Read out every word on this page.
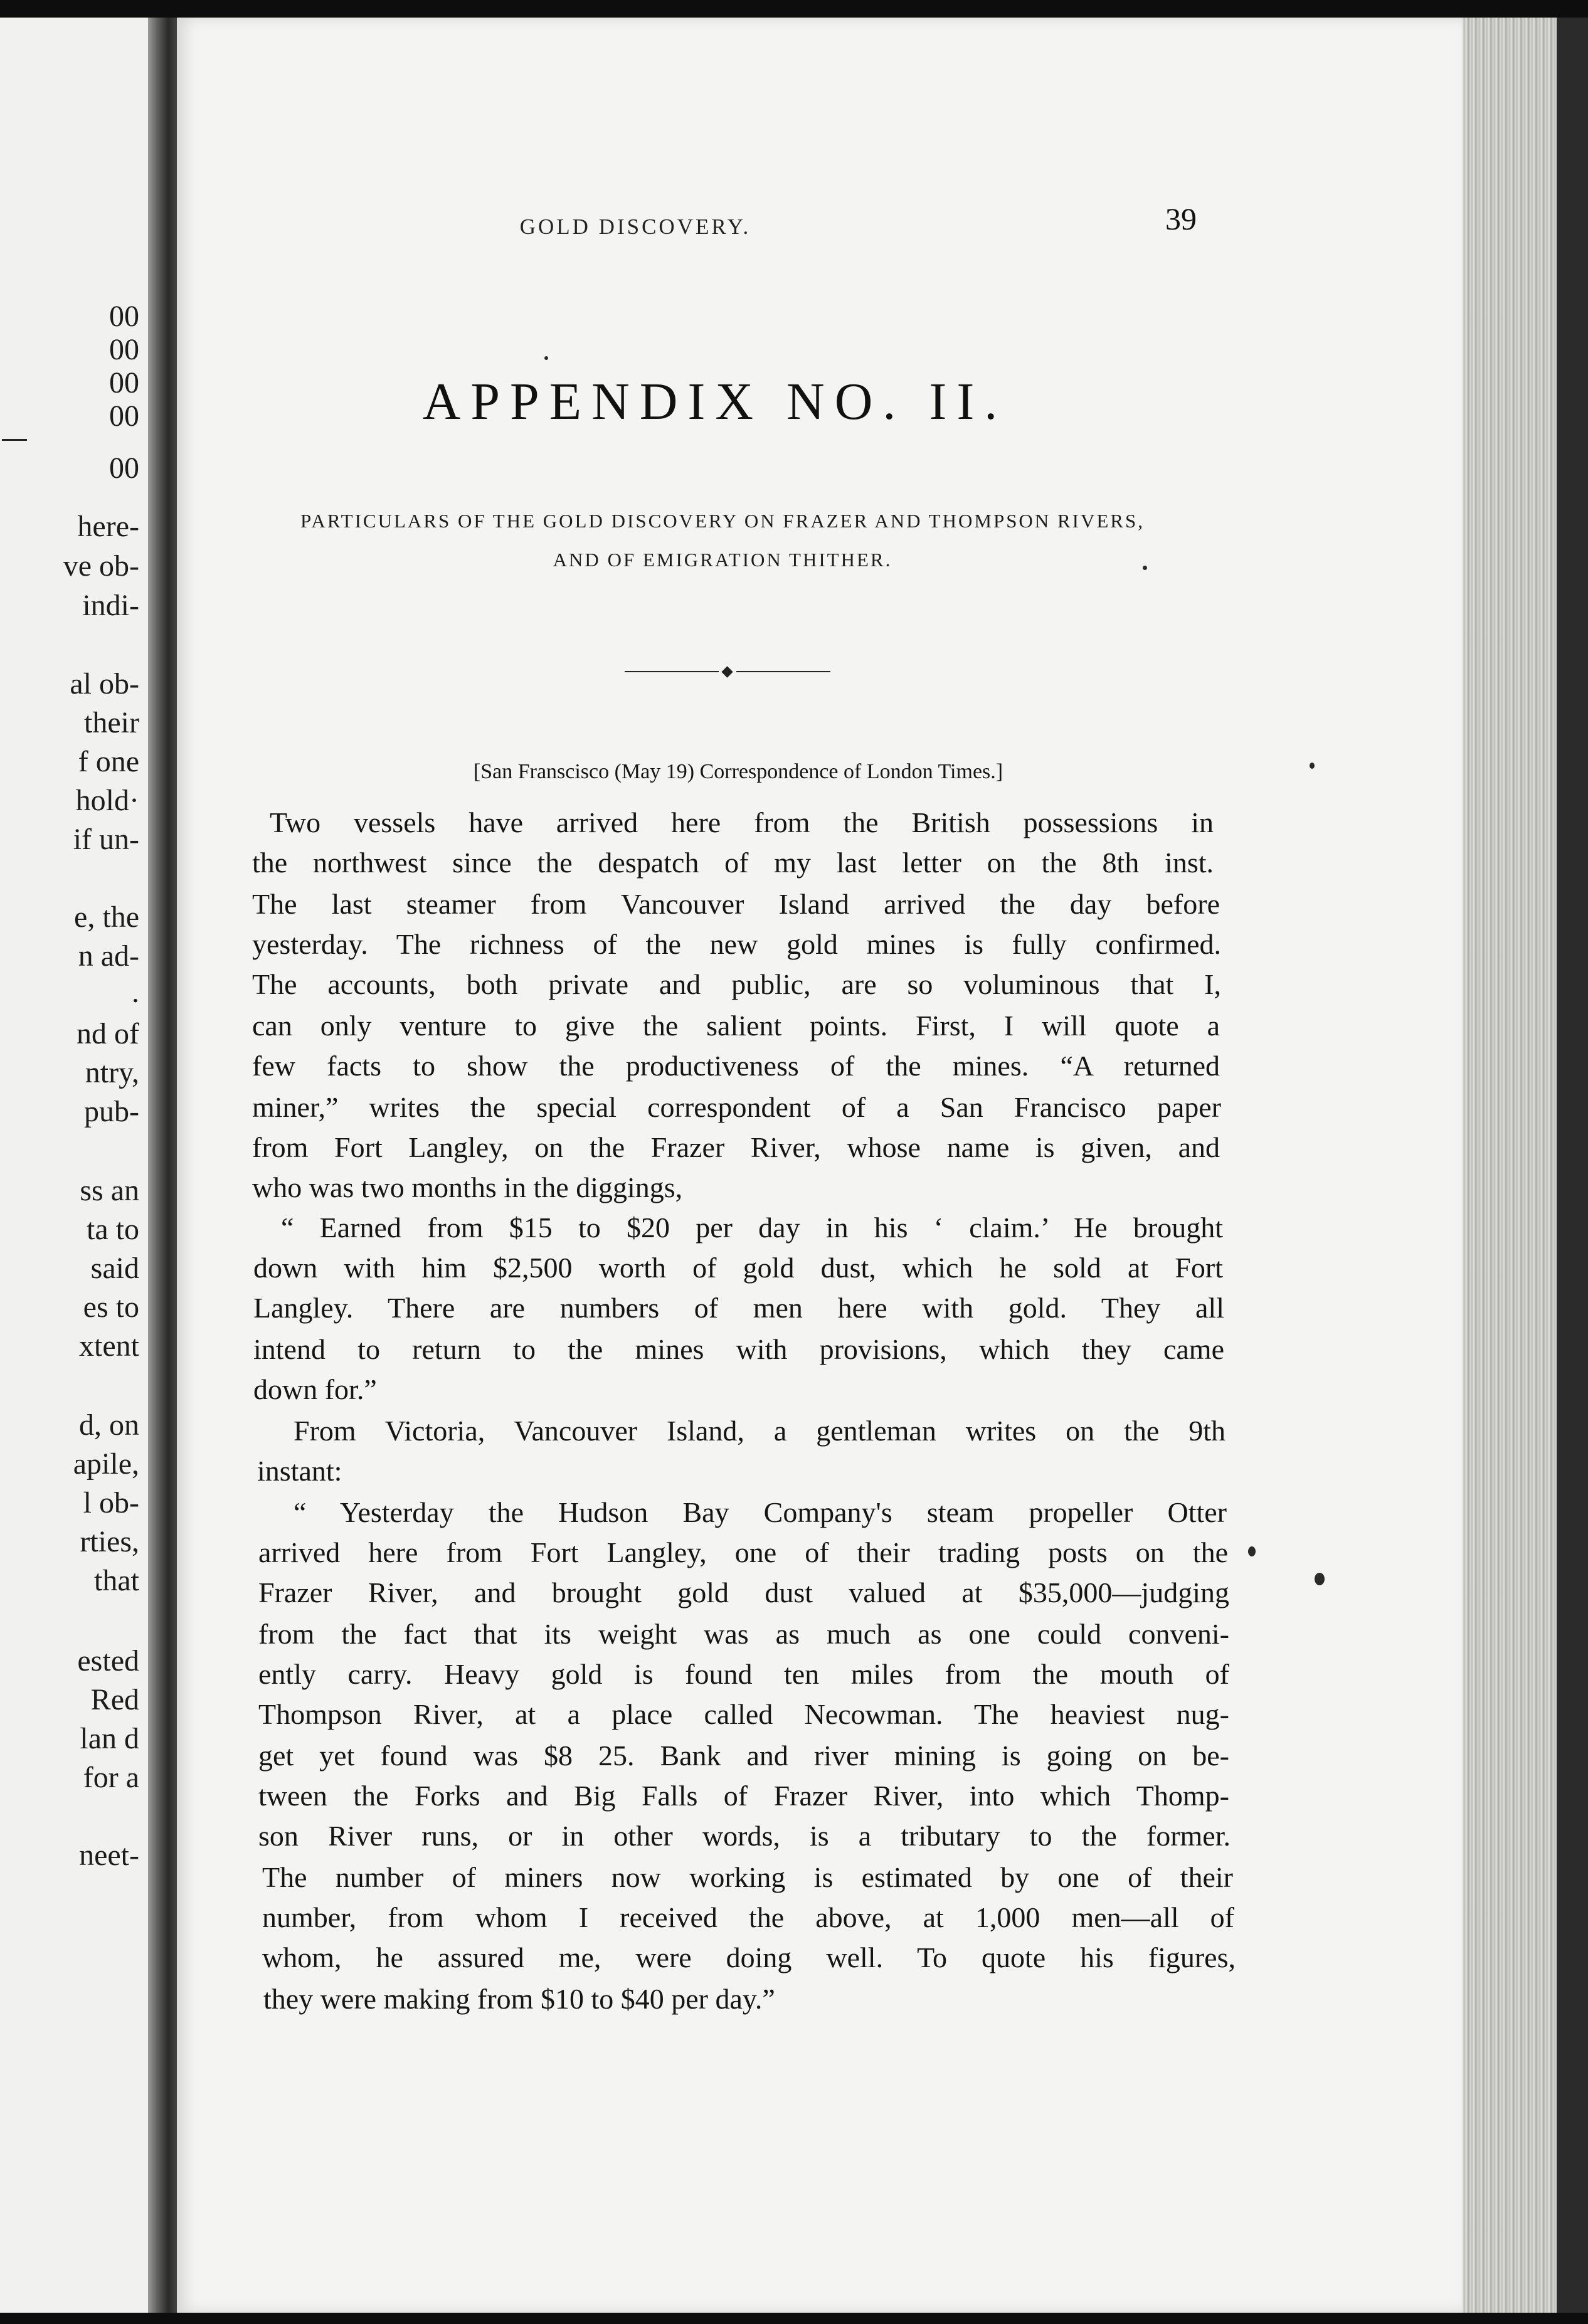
00
00
00
00
00
here-
ve ob-
indi-
al ob-
their
f one
hold·
if un-
e, the
n ad-
.
nd of
ntry,
pub-
ss an
ta to
said
es to
xtent
d, on
apile,
l ob-
rties,
that
ested
Red
lan d
for a
neet-
GOLD DISCOVERY.	39
APPENDIX NO. II.
PARTICULARS OF THE GOLD DISCOVERY ON FRAZER AND THOMPSON RIVERS,
AND OF EMIGRATION THITHER.
[San Franscisco (May 19) Correspondence of London Times.]
Two vessels have arrived here from the British possessions in
the northwest since the despatch of my last letter on the 8th inst.
The last steamer from Vancouver Island arrived the day before
yesterday. The richness of the new gold mines is fully confirmed.
The accounts, both private and public, are so voluminous that I,
can only venture to give the salient points. First, I will quote a
few facts to show the productiveness of the mines. “A returned
miner,” writes the special correspondent of a San Francisco paper
from Fort Langley, on the Frazer River, whose name is given, and
who was two months in the diggings,
“ Earned from $15 to $20 per day in his ‘ claim.’ He brought
down with him $2,500 worth of gold dust, which he sold at Fort
Langley. There are numbers of men here with gold. They all
intend to return to the mines with provisions, which they came
down for.”
From Victoria, Vancouver Island, a gentleman writes on the 9th
instant:
“ Yesterday the Hudson Bay Company's steam propeller Otter
arrived here from Fort Langley, one of their trading posts on the
Frazer River, and brought gold dust valued at $35,000—judging
from the fact that its weight was as much as one could conveni-
ently carry. Heavy gold is found ten miles from the mouth of
Thompson River, at a place called Necowman. The heaviest nug-
get yet found was $8 25. Bank and river mining is going on be-
tween the Forks and Big Falls of Frazer River, into which Thomp-
son River runs, or in other words, is a tributary to the former.
The number of miners now working is estimated by one of their
number, from whom I received the above, at 1,000 men—all of
whom, he assured me, were doing well. To quote his figures,
they were making from $10 to $40 per day.”
